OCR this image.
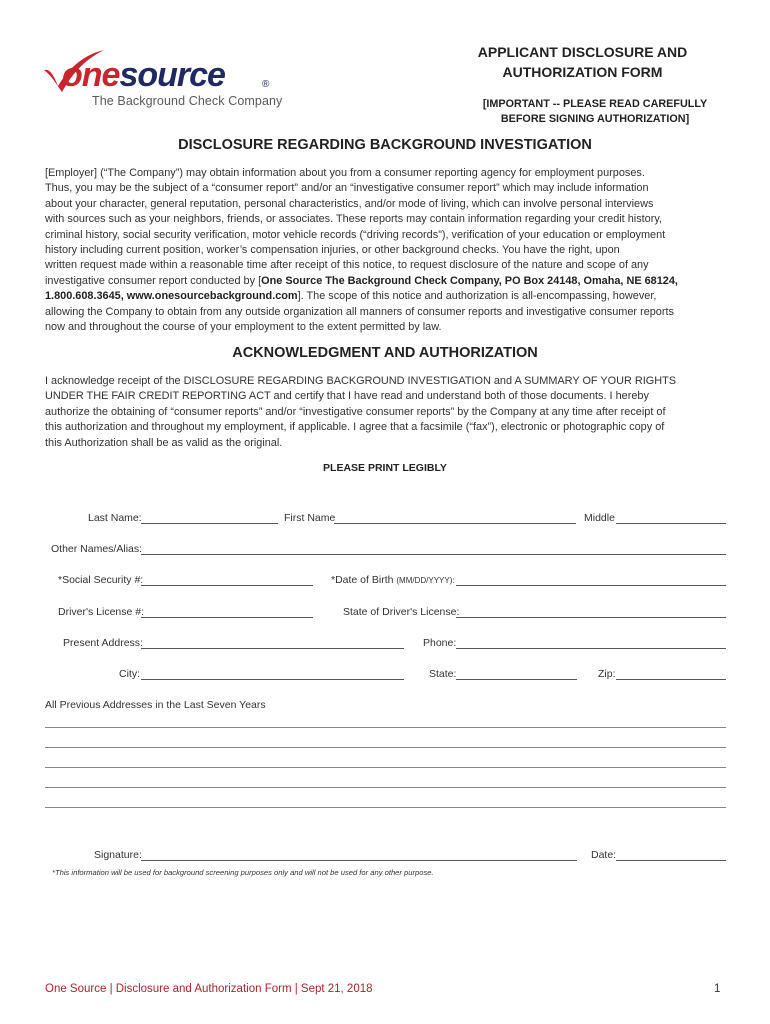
onesource	®
The Background Check Company
APPLICANT DISCLOSURE AND
AUTHORIZATION FORM
[IMPORTANT -- PLEASE READ CAREFULLY
BEFORE SIGNING AUTHORIZATION]
DISCLOSURE REGARDING BACKGROUND INVESTIGATION
[Employer] (“The Company”) may obtain information about you from a consumer reporting agency for employment purposes.
Thus, you may be the subject of a “consumer report” and/or an “investigative consumer report” which may include information
about your character, general reputation, personal characteristics, and/or mode of living, which can involve personal interviews
with sources such as your neighbors, friends, or associates. These reports may contain information regarding your credit history,
criminal history, social security verification, motor vehicle records (“driving records”), verification of your education or employment
history including current position, worker’s compensation injuries, or other background checks. You have the right, upon
written request made within a reasonable time after receipt of this notice, to request disclosure of the nature and scope of any
investigative consumer report conducted by [One Source The Background Check Company, PO Box 24148, Omaha, NE 68124,
1.800.608.3645, www.onesourcebackground.com]. The scope of this notice and authorization is all-encompassing, however,
allowing the Company to obtain from any outside organization all manners of consumer reports and investigative consumer reports
now and throughout the course of your employment to the extent permitted by law.
ACKNOWLEDGMENT AND AUTHORIZATION
I acknowledge receipt of the DISCLOSURE REGARDING BACKGROUND INVESTIGATION and A SUMMARY OF YOUR RIGHTS
UNDER THE FAIR CREDIT REPORTING ACT and certify that I have read and understand both of those documents. I hereby
authorize the obtaining of “consumer reports” and/or “investigative consumer reports” by the Company at any time after receipt of
this authorization and throughout my employment, if applicable. I agree that a facsimile (“fax”), electronic or photographic copy of
this Authorization shall be as valid as the original.
PLEASE PRINT LEGIBLY
Last Name:	First Name	Middle
Other Names/Alias:
*Social Security #:	*Date of Birth (MM/DD/YYYY):
Driver's License #:	State of Driver's License:
Present Address:	Phone:
City:	State:	Zip:
All Previous Addresses in the Last Seven Years
Signature:	Date:
*This information will be used for background screening purposes only and will not be used for any other purpose.
One Source | Disclosure and Authorization Form | Sept 21, 2018	1
